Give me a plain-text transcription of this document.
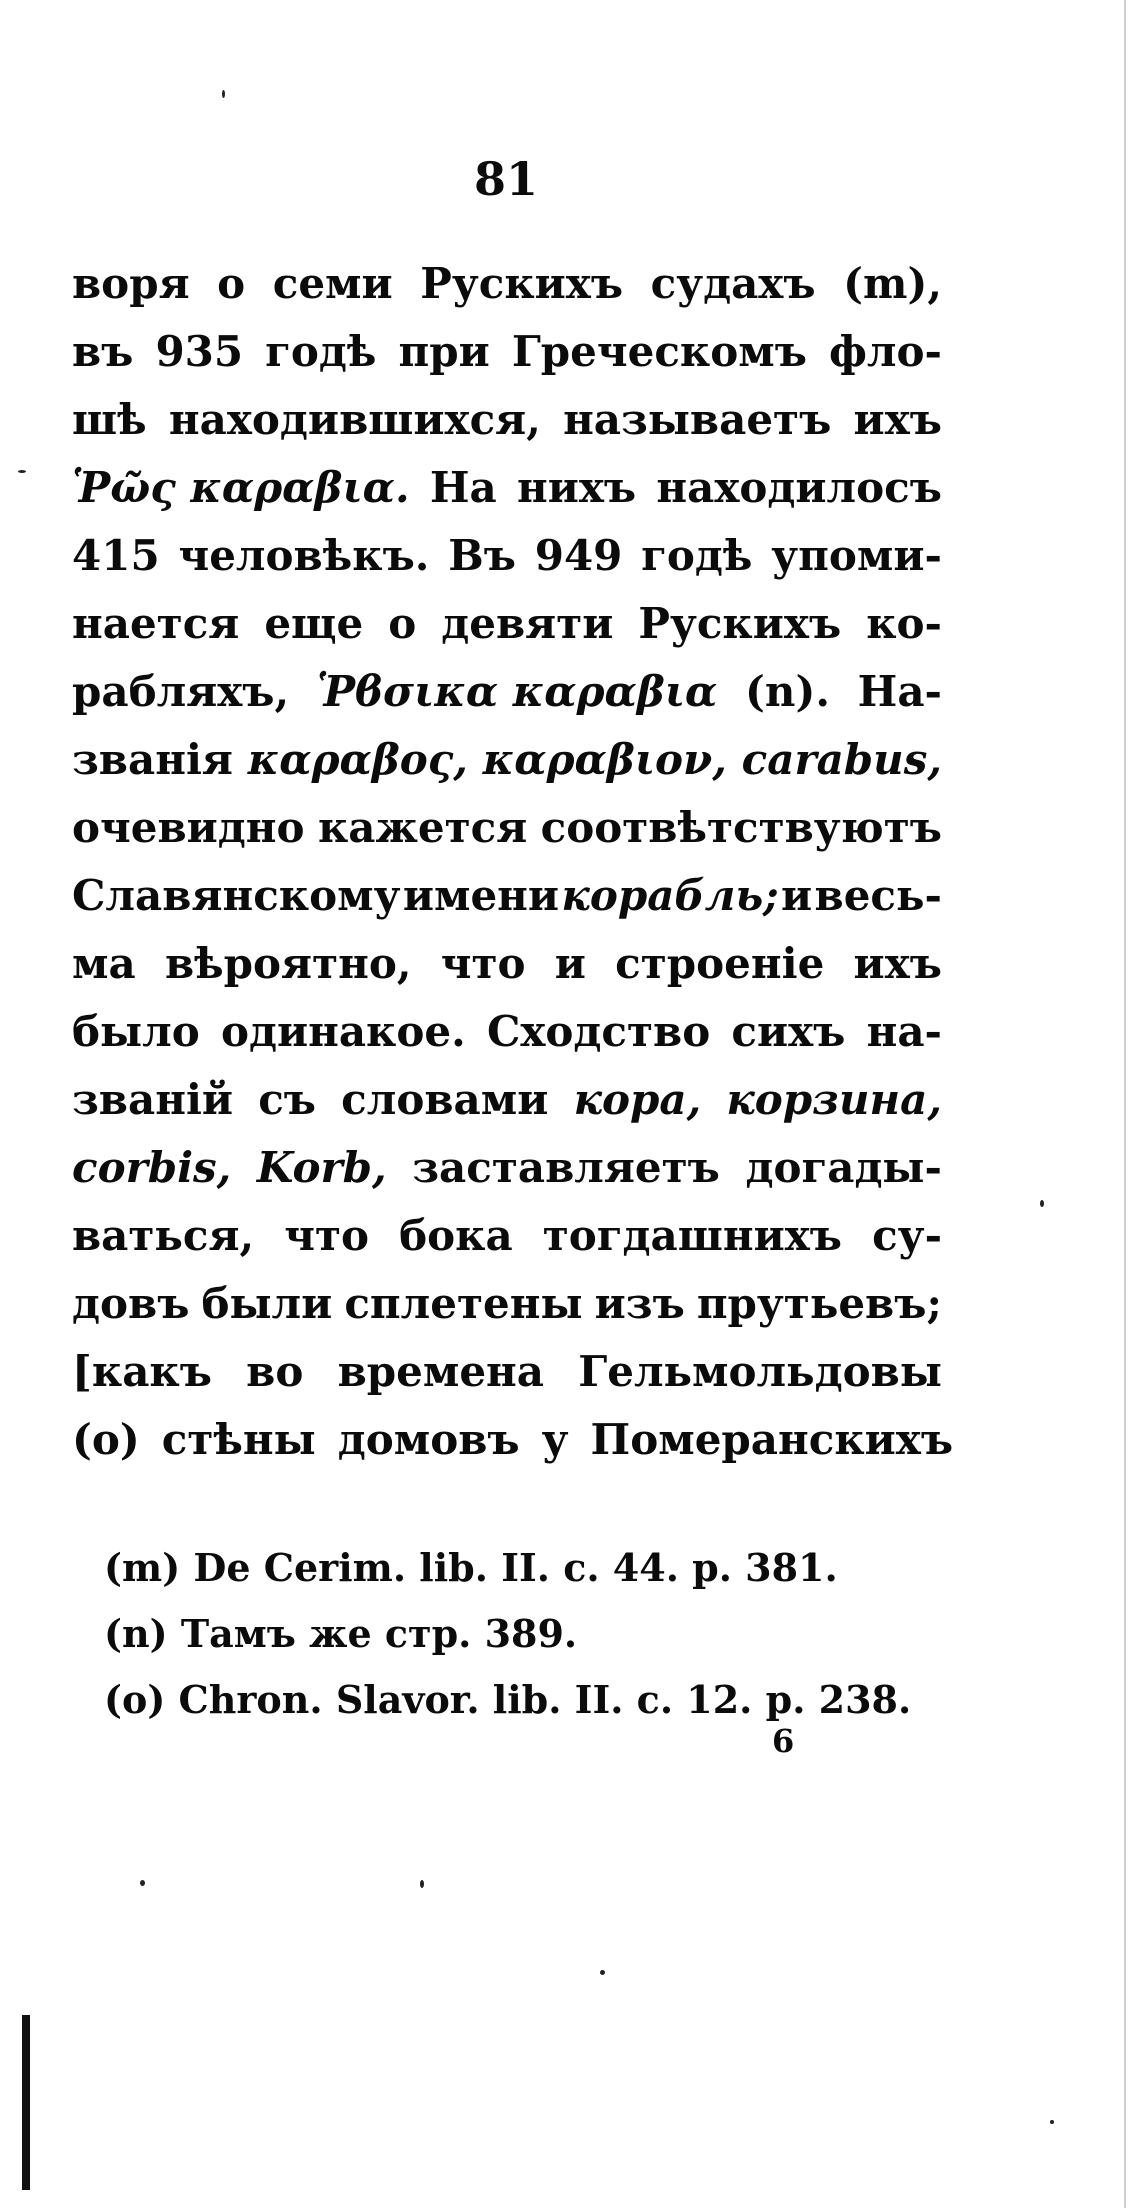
81
воря о семи Рускихъ судахъ (m),
въ 935 годѣ при Греческомъ фло-
шѣ находившихся, называетъ ихъ
Ῥῶς καραβια. На нихъ находилосъ
415 человѣкъ. Въ 949 годѣ упоми-
нается еще о девяти Рускихъ ко-
рабляхъ, Ῥϐσικα καραβια (n). На-
званія καραβος, καραβιον, carabus,
очевидно кажется соотвѣтствуютъ
Славянскому имени корабль; и весь-
ма вѣроятно, что и строеніе ихъ
было одинакое. Сходство сихъ на-
званій съ словами кора, корзина,
corbis, Korb, заставляетъ догады-
ваться, что бока тогдашнихъ су-
довъ были сплетены изъ прутьевъ;
[какъ во времена Гельмольдовы
(o) стѣны домовъ у Померанскихъ
(m) De Cerim. lib. II. c. 44. p. 381.
(n) Тамъ же стр. 389.
(o) Chron. Slavor. lib. II. c. 12. p. 238.
6
